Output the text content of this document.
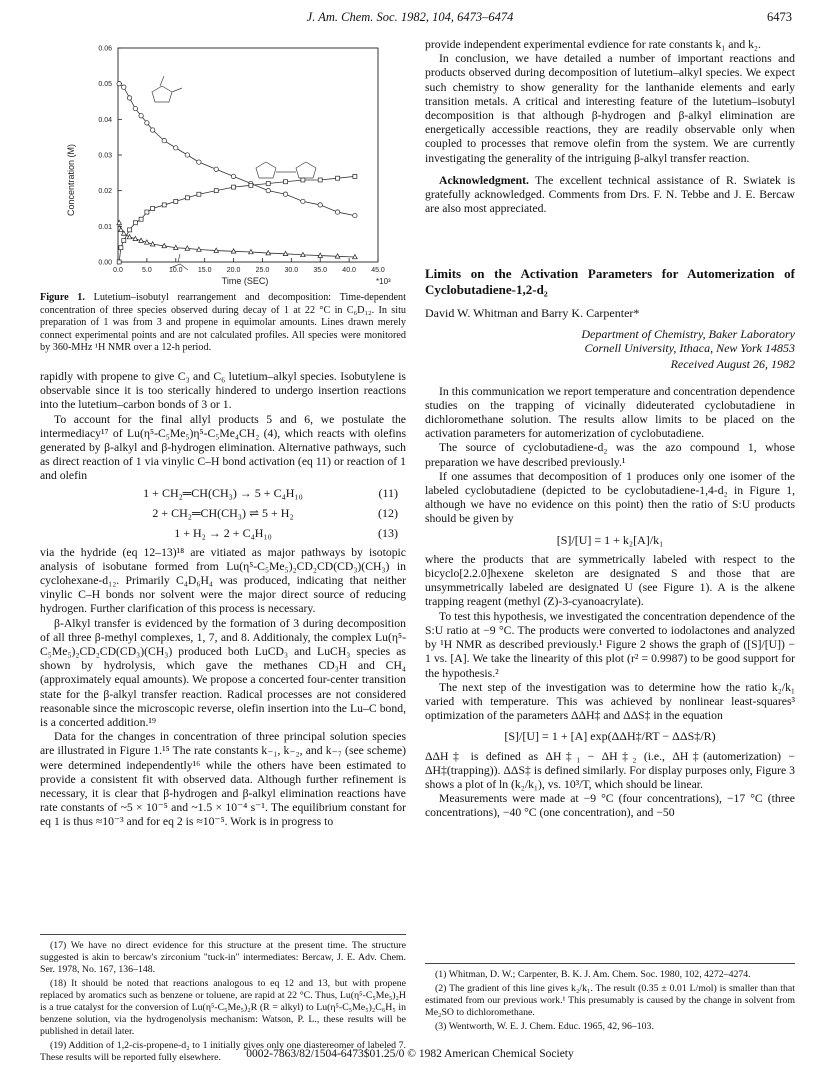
J. Am. Chem. Soc. 1982, 104, 6473–6474	6473
0.0	5.0 10.0 15.0 20.0 25.0 30.0 35.0 40.0 45.0
0.00
0.01
0.02
0.03
0.04
0.05
0.06
Concentration (M)
Time (SEC)	*10³
Figure 1. Lutetium–isobutyl rearrangement and decomposition: Time-dependent concentration of three species observed during decay of 1 at 22 °C in C₆D₁₂. In situ preparation of 1 was from 3 and propene in equimolar amounts. Lines drawn merely connect experimental points and are not calculated profiles. All species were monitored by 360-MHz ¹H NMR over a 12-h period.

rapidly with propene to give C₃ and C₆ lutetium–alkyl species. Isobutylene is observable since it is too sterically hindered to undergo insertion reactions into the lutetium–carbon bonds of 3 or 1.

To account for the final allyl products 5 and 6, we postulate the intermediacy¹⁷ of Lu(η⁵-C₅Me₅)η⁵-C₅Me₄CH₂ (4), which reacts with olefins generated by β-alkyl and β-hydrogen elimination. Alternative pathways, such as direct reaction of 1 via vinylic C–H bond activation (eq 11) or reaction of 1 and olefin

1 + CH₂═CH(CH₃) → 5 + C₄H₁₀	(11)
2 + CH₂═CH(CH₃) ⇌ 5 + H₂	(12)
1 + H₂ → 2 + C₄H₁₀	(13)

via the hydride (eq 12–13)¹⁸ are vitiated as major pathways by isotopic analysis of isobutane formed from Lu(η⁵-C₅Me₅)₂CD₂CD(CD₃)(CH₃) in cyclohexane-d₁₂. Primarily C₄D₆H₄ was produced, indicating that neither vinylic C–H bonds nor solvent were the major direct source of reducing hydrogen. Further clarification of this process is necessary.

β-Alkyl transfer is evidenced by the formation of 3 during decomposition of all three β-methyl complexes, 1, 7, and 8. Additionaly, the complex Lu(η⁵-C₅Me₅)₂CD₂CD(CD₃)(CH₃) produced both LuCD₃ and LuCH₃ species as shown by hydrolysis, which gave the methanes CD₃H and CH₄ (approximately equal amounts). We propose a concerted four-center transition state for the β-alkyl transfer reaction. Radical processes are not considered reasonable since the microscopic reverse, olefin insertion into the Lu–C bond, is a concerted addition.¹⁹

Data for the changes in concentration of three principal solution species are illustrated in Figure 1.¹⁵ The rate constants k₋₁, k₋₂, and k₋₇ (see scheme) were determined independently¹⁶ while the others have been estimated to provide a consistent fit with observed data. Although further refinement is necessary, it is clear that β-hydrogen and β-alkyl elimination reactions have rate constants of ~5 × 10⁻⁵ and ~1.5 × 10⁻⁴ s⁻¹. The equilibrium constant for eq 1 is thus ≈10⁻³ and for eq 2 is ≈10⁻⁵. Work is in progress to

(17) We have no direct evidence for this structure at the present time. The structure suggested is akin to bercaw's zirconium "tuck-in" intermediates: Bercaw, J. E. Adv. Chem. Ser. 1978, No. 167, 136–148.

(18) It should be noted that reactions analogous to eq 12 and 13, but with propene replaced by aromatics such as benzene or toluene, are rapid at 22 °C. Thus, Lu(η⁵-C₅Me₅)₂H is a true catalyst for the conversion of Lu(η⁵-C₅Me₅)₂R (R = alkyl) to Lu(η⁵-C₅Me₅)₂C₆H₅ in benzene solution, via the hydrogenolysis mechanism: Watson, P. L., these results will be published in detail later.

(19) Addition of 1,2-cis-propene-d₂ to 1 initially gives only one diastereomer of labeled 7. These results will be reported fully elsewhere.

provide independent experimental evdience for rate constants k₁ and k₂.

In conclusion, we have detailed a number of important reactions and products observed during decomposition of lutetium–alkyl species. We expect such chemistry to show generality for the lanthanide elements and early transition metals. A critical and interesting feature of the lutetium–isobutyl decomposition is that although β-hydrogen and β-alkyl elimination are energetically accessible reactions, they are readily observable only when coupled to processes that remove olefin from the system. We are currently investigating the generality of the intriguing β-alkyl transfer reaction.

Acknowledgment. The excellent technical assistance of R. Swiatek is gratefully acknowledged. Comments from Drs. F. N. Tebbe and J. E. Bercaw are also most appreciated.

Limits on the Activation Parameters for Automerization of Cyclobutadiene-1,2-d₂

David W. Whitman and Barry K. Carpenter*

Department of Chemistry, Baker Laboratory

Cornell University, Ithaca, New York 14853

Received August 26, 1982

In this communication we report temperature and concentration dependence studies on the trapping of vicinally dideuterated cyclobutadiene in dichloromethane solution. The results allow limits to be placed on the activation parameters for automerization of cyclobutadiene.

The source of cyclobutadiene-d₂ was the azo compound 1, whose preparation we have described previously.¹

If one assumes that decomposition of 1 produces only one isomer of the labeled cyclobutadiene (depicted to be cyclobutadiene-1,4-d₂ in Figure 1, although we have no evidence on this point) then the ratio of S:U products should be given by

[S]/[U] = 1 + k₂[A]/k₁

where the products that are symmetrically labeled with respect to the bicyclo[2.2.0]hexene skeleton are designated S and those that are unsymmetrically labeled are designated U (see Figure 1). A is the alkene trapping reagent (methyl (Z)-3-cyanoacrylate).

To test this hypothesis, we investigated the concentration dependence of the S:U ratio at −9 °C. The products were converted to iodolactones and analyzed by ¹H NMR as described previously.¹ Figure 2 shows the graph of ([S]/[U]) − 1 vs. [A]. We take the linearity of this plot (r² = 0.9987) to be good support for the hypothesis.²

The next step of the investigation was to determine how the ratio k₂/k₁ varied with temperature. This was achieved by nonlinear least-squares³ optimization of the parameters ΔΔH‡ and ΔΔS‡ in the equation

[S]/[U] = 1 + [A] exp(ΔΔH‡/RT − ΔΔS‡/R)

ΔΔH‡ is defined as ΔH‡₁ − ΔH‡₂ (i.e., ΔH‡(automerization) − ΔH‡(trapping)). ΔΔS‡ is defined similarly. For display purposes only, Figure 3 shows a plot of ln (k₂/k₁), vs. 10³/T, which should be linear.

Measurements were made at −9 °C (four concentrations), −17 °C (three concentrations), −40 °C (one concentration), and −50

(1) Whitman, D. W.; Carpenter, B. K. J. Am. Chem. Soc. 1980, 102, 4272–4274.

(2) The gradient of this line gives k₂/k₁. The result (0.35 ± 0.01 L/mol) is smaller than that estimated from our previous work.¹ This presumably is caused by the change in solvent from Me₂SO to dichloromethane.

(3) Wentworth, W. E. J. Chem. Educ. 1965, 42, 96–103.

0002-7863/82/1504-6473$01.25/0 © 1982 American Chemical Society
